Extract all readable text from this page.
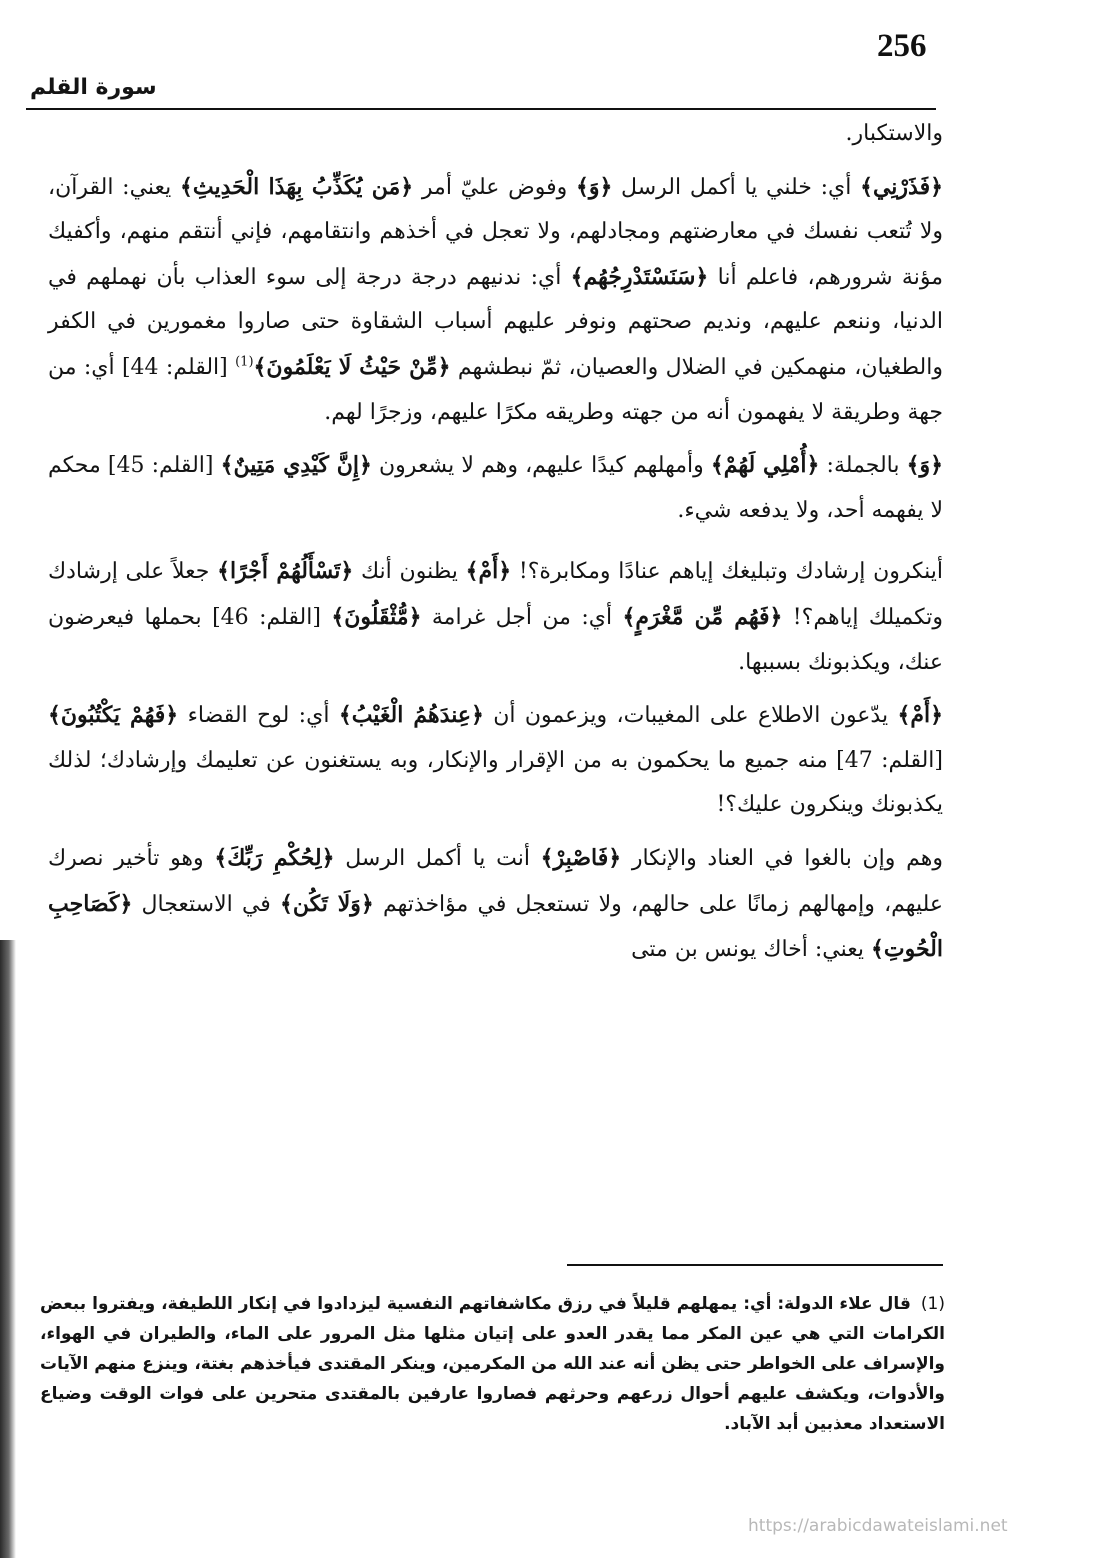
256
سورة القلم

والاستكبار.

﴿فَذَرْنِي﴾ أي: خلني يا أكمل الرسل ﴿وَ﴾ وفوض عليّ أمر ﴿مَن يُكَذِّبُ بِهَذَا الْحَدِيثِ﴾ يعني: القرآن، ولا تُتعب نفسك في معارضتهم ومجادلهم، ولا تعجل في أخذهم وانتقامهم، فإني أنتقم منهم، وأكفيك مؤنة شرورهم، فاعلم أنا ﴿سَنَسْتَدْرِجُهُم﴾ أي: ندنيهم درجة درجة إلى سوء العذاب بأن نهملهم في الدنيا، وننعم عليهم، ونديم صحتهم ونوفر عليهم أسباب الشقاوة حتى صاروا مغمورين في الكفر والطغيان، منهمكين في الضلال والعصيان، ثمّ نبطشهم ﴿مِّنْ حَيْثُ لَا يَعْلَمُونَ﴾$^{(1)}$ [القلم: 44] أي: من جهة وطريقة لا يفهمون أنه من جهته وطريقه مكرًا عليهم، وزجرًا لهم.

﴿وَ﴾ بالجملة: ﴿أُمْلِي لَهُمْ﴾ وأمهلهم كيدًا عليهم، وهم لا يشعرون ﴿إِنَّ كَيْدِي مَتِينٌ﴾ [القلم: 45] محكم لا يفهمه أحد، ولا يدفعه شيء.

أينكرون إرشادك وتبليغك إياهم عنادًا ومكابرة؟! ﴿أَمْ﴾ يظنون أنك ﴿تَسْأَلُهُمْ أَجْرًا﴾ جعلاً على إرشادك وتكميلك إياهم؟! ﴿فَهُم مِّن مَّغْرَمٍ﴾ أي: من أجل غرامة ﴿مُّثْقَلُونَ﴾ [القلم: 46] بحملها فيعرضون عنك، ويكذبونك بسببها.

﴿أَمْ﴾ يدّعون الاطلاع على المغيبات، ويزعمون أن ﴿عِندَهُمُ الْغَيْبُ﴾ أي: لوح القضاء ﴿فَهُمْ يَكْتُبُونَ﴾ [القلم: 47] منه جميع ما يحكمون به من الإقرار والإنكار، وبه يستغنون عن تعليمك وإرشادك؛ لذلك يكذبونك وينكرون عليك؟!

وهم وإن بالغوا في العناد والإنكار ﴿فَاصْبِرْ﴾ أنت يا أكمل الرسل ﴿لِحُكْمِ رَبِّكَ﴾ وهو تأخير نصرك عليهم، وإمهالهم زمانًا على حالهم، ولا تستعجل في مؤاخذتهم ﴿وَلَا تَكُن﴾ في الاستعجال ﴿كَصَاحِبِ الْحُوتِ﴾ يعني: أخاك يونس بن متى

(1)قال علاء الدولة: أي: يمهلهم قليلاً في رزق مكاشفاتهم النفسية ليزدادوا في إنكار اللطيفة، ويفتروا ببعض الكرامات التي هي عين المكر مما يقدر العدو على إتيان مثلها مثل المرور على الماء، والطيران في الهواء، والإسراف على الخواطر حتى يظن أنه عند الله من المكرمين، وينكر المقتدى فيأخذهم بغتة، وينزع منهم الآيات والأدوات، ويكشف عليهم أحوال زرعهم وحرثهم فصاروا عارفين بالمقتدى متحرين على فوات الوقت وضياع الاستعداد معذبين أبد الآباد.
https://arabicdawateislami.net
